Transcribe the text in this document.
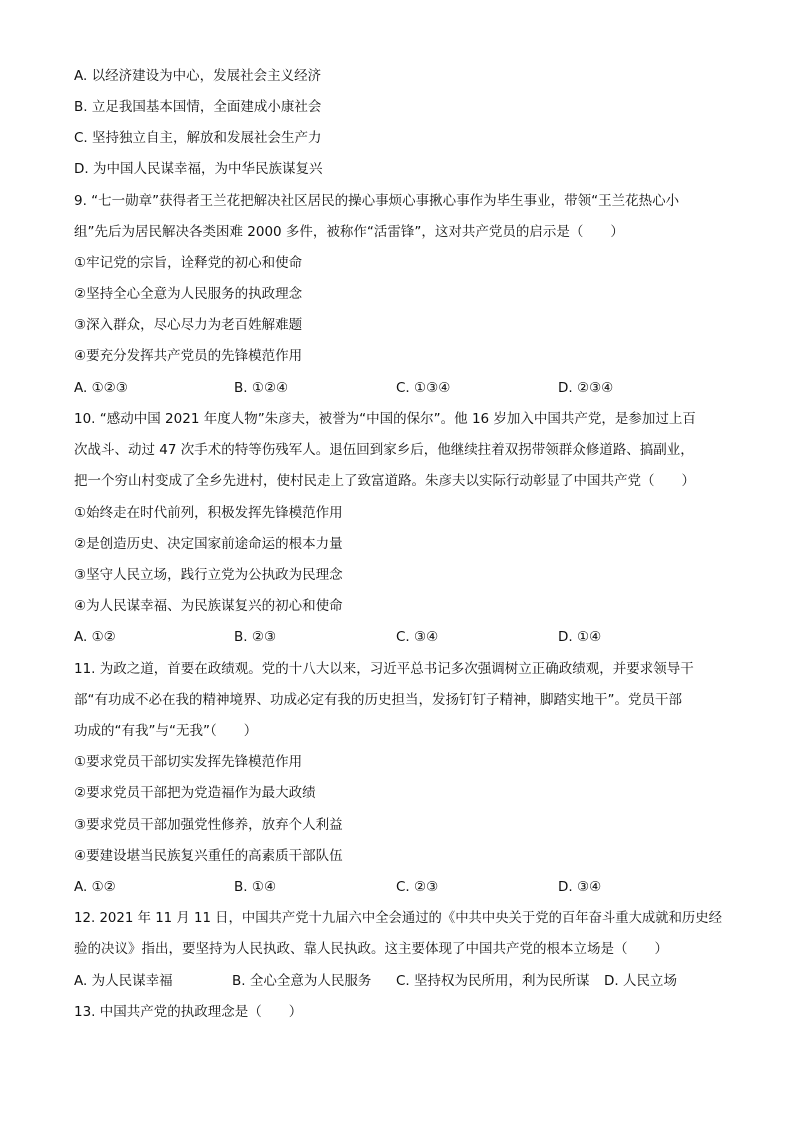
A. 以经济建设为中心，发展社会主义经济
B. 立足我国基本国情，全面建成小康社会
C. 坚持独立自主，解放和发展社会生产力
D. 为中国人民谋幸福，为中华民族谋复兴
9. “七一勋章”获得者王兰花把解决社区居民的操心事烦心事揪心事作为毕生事业，带领“王兰花热心小
组”先后为居民解决各类困难 2000 多件，被称作“活雷锋”，这对共产党员的启示是（　　）
①牢记党的宗旨，诠释党的初心和使命
②坚持全心全意为人民服务的执政理念
③深入群众，尽心尽力为老百姓解难题
④要充分发挥共产党员的先锋模范作用
A. ①②③	B. ①②④	C. ①③④	D. ②③④
10. “感动中国 2021 年度人物”朱彦夫，被誉为“中国的保尔”。他 16 岁加入中国共产党，是参加过上百
次战斗、动过 47 次手术的特等伤残军人。退伍回到家乡后，他继续拄着双拐带领群众修道路、搞副业，
把一个穷山村变成了全乡先进村，使村民走上了致富道路。朱彦夫以实际行动彰显了中国共产党（　　）
①始终走在时代前列，积极发挥先锋模范作用
②是创造历史、决定国家前途命运的根本力量
③坚守人民立场，践行立党为公执政为民理念
④为人民谋幸福、为民族谋复兴的初心和使命
A. ①②	B. ②③	C. ③④	D. ①④
11. 为政之道，首要在政绩观。党的十八大以来，习近平总书记多次强调树立正确政绩观，并要求领导干
部“有功成不必在我的精神境界、功成必定有我的历史担当，发扬钉钉子精神，脚踏实地干”。党员干部
功成的“有我”与“无我”（　　）
①要求党员干部切实发挥先锋模范作用
②要求党员干部把为党造福作为最大政绩
③要求党员干部加强党性修养，放弃个人利益
④要建设堪当民族复兴重任的高素质干部队伍
A. ①②	B. ①④	C. ②③	D. ③④
12. 2021 年 11 月 11 日，中国共产党十九届六中全会通过的《中共中央关于党的百年奋斗重大成就和历史经
验的决议》指出，要坚持为人民执政、靠人民执政。这主要体现了中国共产党的根本立场是（　　）
A. 为人民谋幸福	B. 全心全意为人民服务 C. 坚持权为民所用，利为民所谋 D. 人民立场
13. 中国共产党的执政理念是（　　）
